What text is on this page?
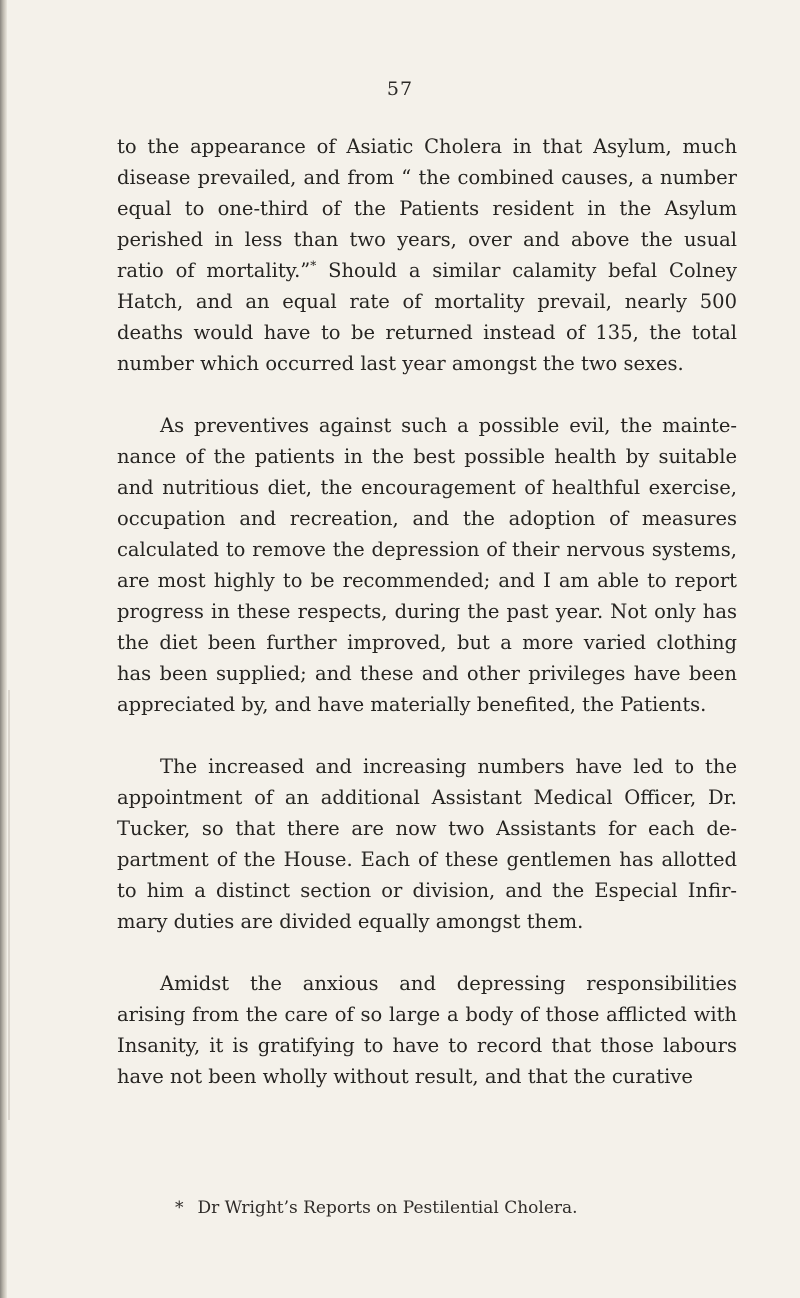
57

to the appearance of Asiatic Cholera in that Asylum, much disease prevailed, and from “ the combined causes, a number equal to one-third of the Patients resident in the Asylum perished in less than two years, over and above the usual ratio of mortality.”* Should a similar calamity befal Colney Hatch, and an equal rate of mortality prevail, nearly 500 deaths would have to be returned instead of 135, the total number which occurred last year amongst the two sexes.

As preventives against such a possible evil, the maintenance of the patients in the best possible health by suitable and nutritious diet, the encouragement of healthful exercise, occupation and recreation, and the adoption of measures calculated to remove the depression of their nervous systems, are most highly to be recommended; and I am able to report progress in these respects, during the past year. Not only has the diet been further improved, but a more varied clothing has been supplied; and these and other privileges have been appreciated by, and have materially benefited, the Patients.

The increased and increasing numbers have led to the appointment of an additional Assistant Medical Officer, Dr. Tucker, so that there are now two Assistants for each department of the House. Each of these gentlemen has allotted to him a distinct section or division, and the Especial Infirmary duties are divided equally amongst them.

Amidst the anxious and depressing responsibilities arising from the care of so large a body of those afflicted with Insanity, it is gratifying to have to record that those labours have not been wholly without result, and that the curative

* Dr Wright’s Reports on Pestilential Cholera.
